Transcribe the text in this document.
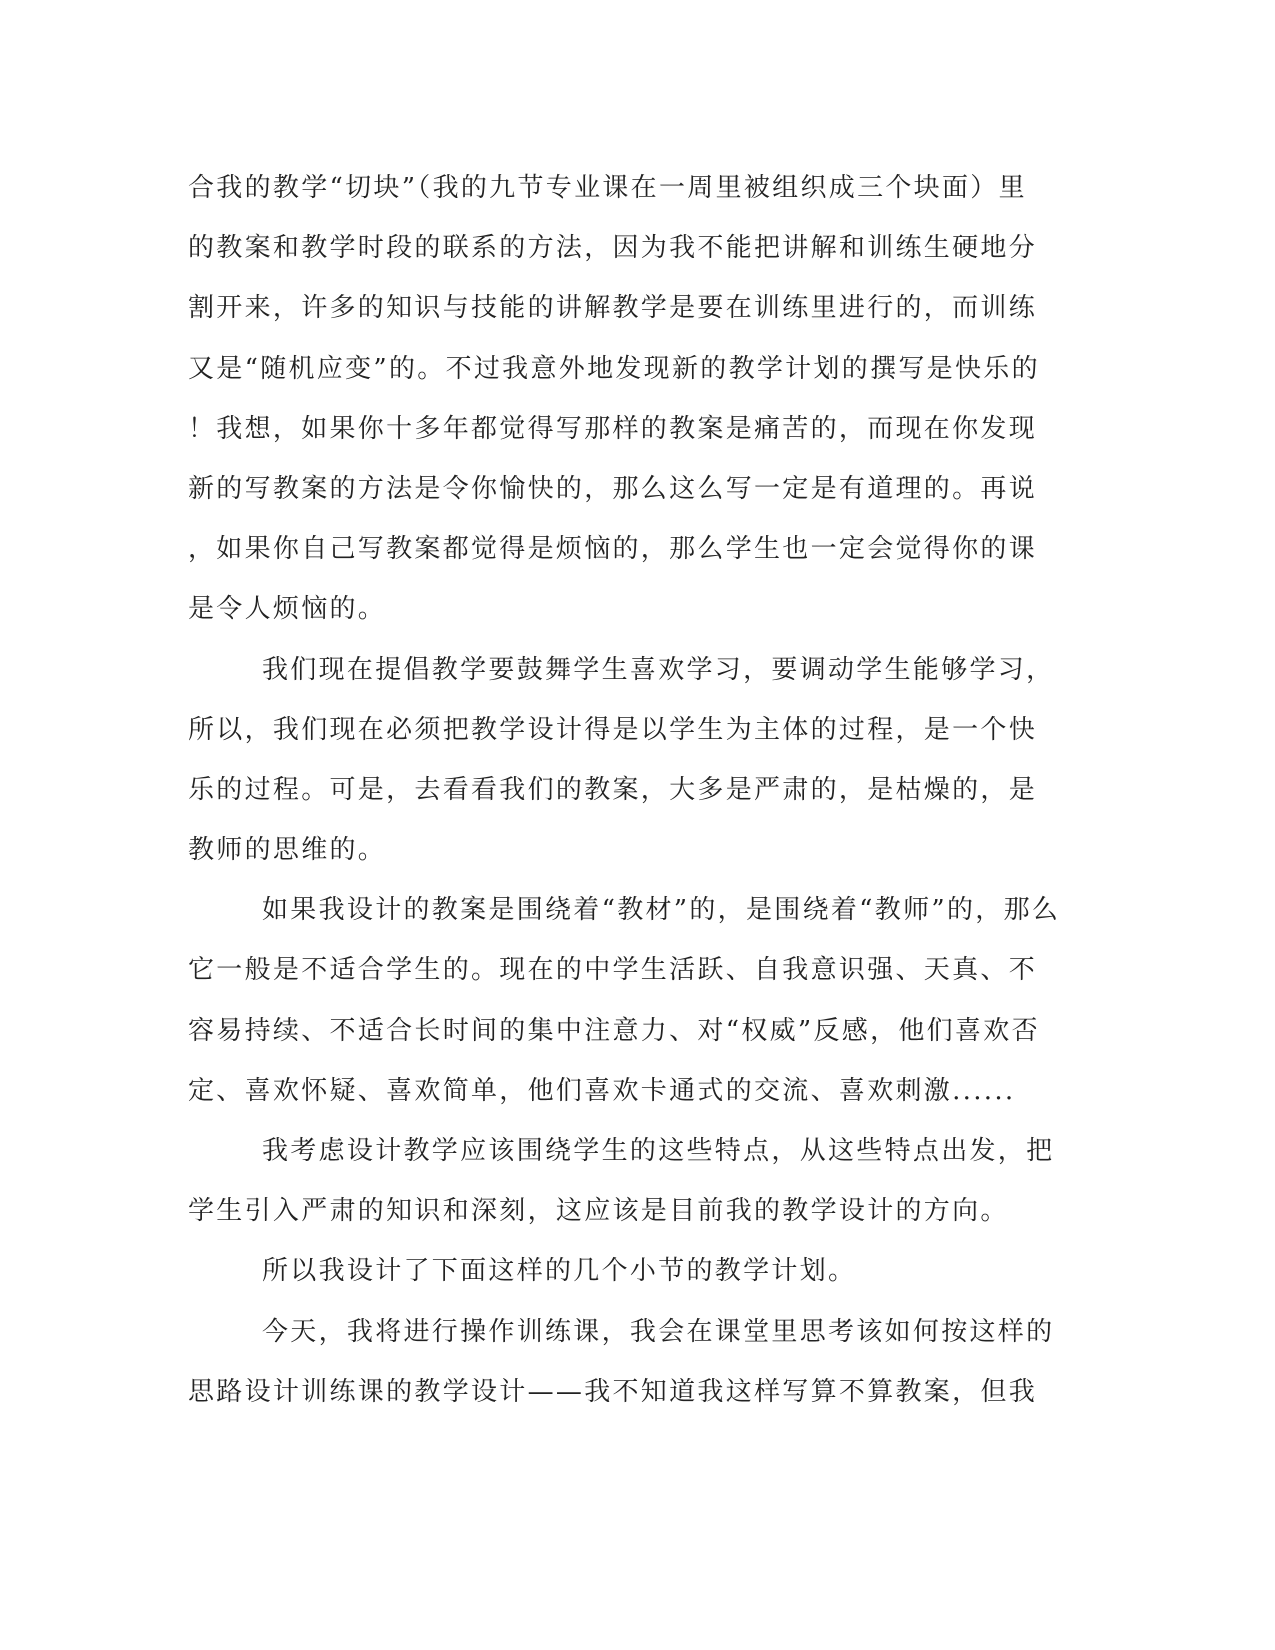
合我的教学“切块”（我的九节专业课在一周里被组织成三个块面）里
的教案和教学时段的联系的方法，因为我不能把讲解和训练生硬地分
割开来，许多的知识与技能的讲解教学是要在训练里进行的，而训练
又是“随机应变”的。不过我意外地发现新的教学计划的撰写是快乐的
！我想，如果你十多年都觉得写那样的教案是痛苦的，而现在你发现
新的写教案的方法是令你愉快的，那么这么写一定是有道理的。再说
，如果你自己写教案都觉得是烦恼的，那么学生也一定会觉得你的课
是令人烦恼的。
我们现在提倡教学要鼓舞学生喜欢学习，要调动学生能够学习，
所以，我们现在必须把教学设计得是以学生为主体的过程，是一个快
乐的过程。可是，去看看我们的教案，大多是严肃的，是枯燥的，是
教师的思维的。
如果我设计的教案是围绕着“教材”的，是围绕着“教师”的，那么
它一般是不适合学生的。现在的中学生活跃、自我意识强、天真、不
容易持续、不适合长时间的集中注意力、对“权威”反感，他们喜欢否
定、喜欢怀疑、喜欢简单，他们喜欢卡通式的交流、喜欢刺激......
我考虑设计教学应该围绕学生的这些特点，从这些特点出发，把
学生引入严肃的知识和深刻，这应该是目前我的教学设计的方向。
所以我设计了下面这样的几个小节的教学计划。
今天，我将进行操作训练课，我会在课堂里思考该如何按这样的
思路设计训练课的教学设计——我不知道我这样写算不算教案，但我
